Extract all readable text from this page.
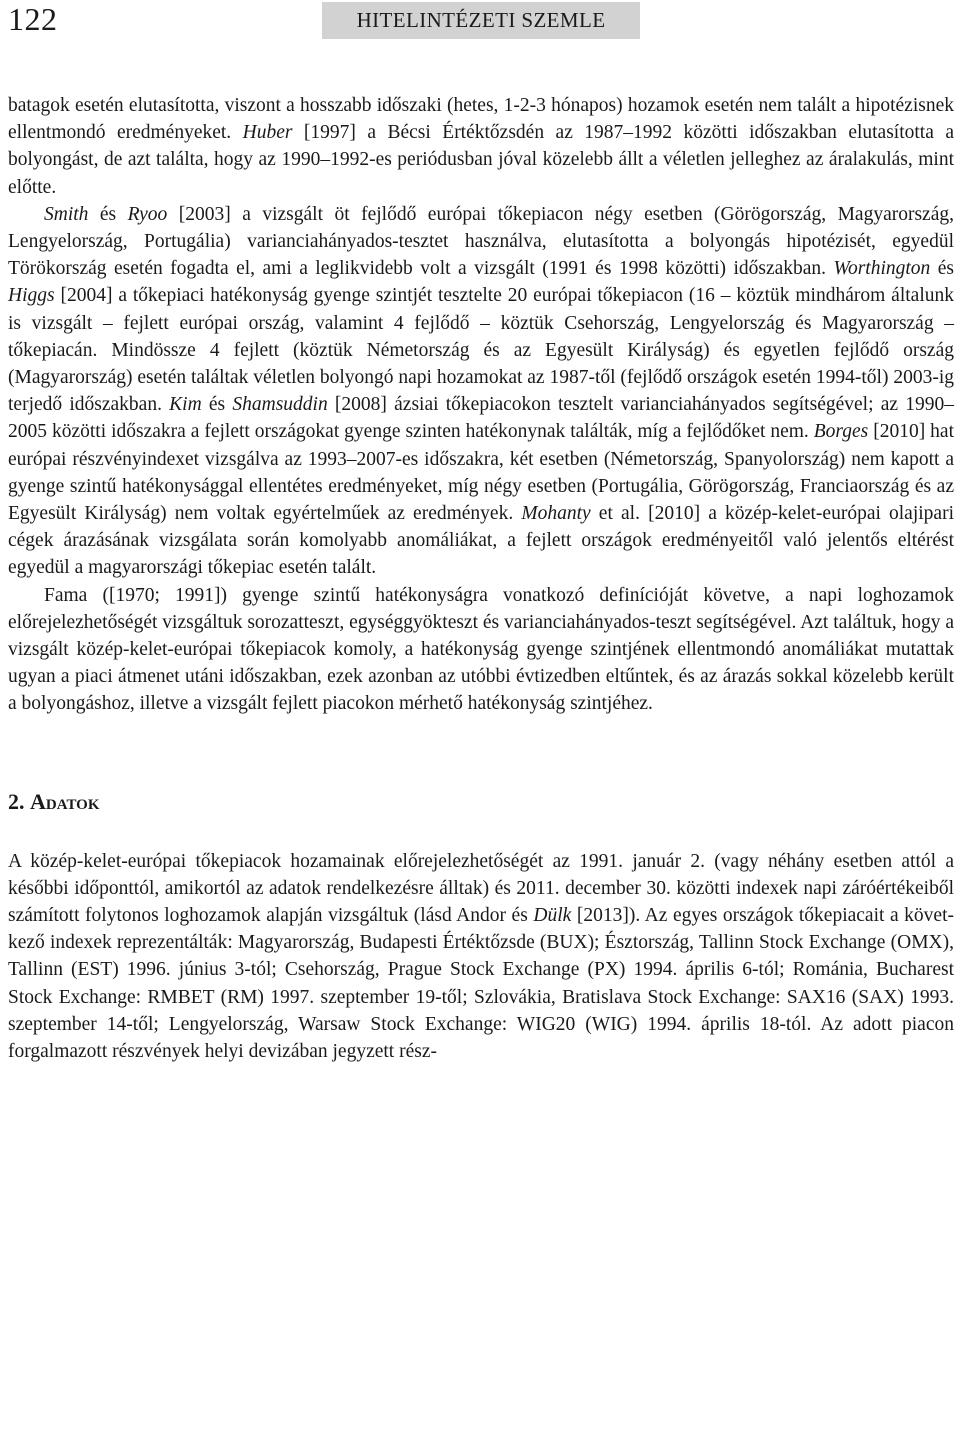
122	HITELINTÉZETI SZEMLE

batagok esetén elutasította, viszont a hosszabb időszaki (hetes, 1-2-3 hónapos) hozamok esetén nem talált a hipotézisnek ellentmondó eredményeket. Huber [1997] a Bécsi Értéktőzsdén az 1987–1992 közötti időszakban elutasította a bolyongást, de azt találta, hogy az 1990–1992-es periódusban jóval közelebb állt a véletlen jelleghez az áralakulás, mint előtte.

Smith és Ryoo [2003] a vizsgált öt fejlődő európai tőkepiacon négy esetben (Görögország, Magyarország, Lengyelország, Portugália) varianciahányados-tesztet használva, elutasította a bolyongás hipotézisét, egyedül Törökország esetén fogadta el, ami a leglikvidebb volt a vizsgált (1991 és 1998 közötti) időszakban. Worthington és Higgs [2004] a tőkepiaci hatékonyság gyenge szintjét tesztelte 20 európai tőkepiacon (16 – köztük mindhárom általunk is vizsgált – fejlett európai ország, valamint 4 fejlődő – köztük Csehország, Lengyelország és Magyarország – tőkepiacán. Mindössze 4 fejlett (köztük Németország és az Egyesült Királyság) és egyetlen fejlődő ország (Magyarország) esetén találtak véletlen bolyongó napi hozamokat az 1987-től (fejlődő országok esetén 1994-től) 2003-ig terjedő időszakban. Kim és Shamsuddin [2008] ázsiai tőkepiacokon tesztelt varianciahányados segítségével; az 1990–2005 közötti időszakra a fejlett országokat gyenge szinten hatékonynak találták, míg a fejlődőket nem. Borges [2010] hat európai részvényindexet vizsgálva az 1993–2007-es időszakra, két esetben (Németország, Spanyolország) nem kapott a gyenge szintű hatékonysággal ellentétes eredményeket, míg négy esetben (Portugália, Görögország, Franciaország és az Egyesült Királyság) nem voltak egyértelműek az eredmények. Mohanty et al. [2010] a közép-kelet-európai olajipari cégek árazásának vizsgálata során komolyabb anomáliákat, a fejlett országok eredményeitől való jelentős eltérést egyedül a magyarországi tőkepiac esetén talált.

Fama ([1970; 1991]) gyenge szintű hatékonyságra vonatkozó definícióját követve, a napi loghozamok előrejelezhetőségét vizsgáltuk sorozatteszt, egységgyökteszt és varianciahányados-teszt segítségével. Azt találtuk, hogy a vizsgált közép-kelet-európai tőkepiacok komoly, a hatékonyság gyenge szintjének ellentmondó anomáliákat mutattak ugyan a piaci átmenet utáni időszakban, ezek azonban az utóbbi évtizedben eltűntek, és az árazás sokkal közelebb került a bolyongáshoz, illetve a vizsgált fejlett piacokon mérhető hatékonyság szintjéhez.

2. Adatok

A közép-kelet-európai tőkepiacok hozamainak előrejelezhetőségét az 1991. január 2. (vagy néhány esetben attól a későbbi időponttól, amikortól az adatok rendelkezésre álltak) és 2011. december 30. közötti indexek napi záróértékeiből számított folytonos loghozamok alapján vizsgáltuk (lásd Andor és Dülk [2013]). Az egyes országok tőkepiacait a következő indexek reprezentálták: Magyarország, Budapesti Értéktőzsde (BUX); Észtország, Tallinn Stock Exchange (OMX), Tallinn (EST) 1996. június 3-tól; Csehország, Prague Stock Exchange (PX) 1994. április 6-tól; Románia, Bucharest Stock Exchange: RMBET (RM) 1997. szeptember 19-től; Szlovákia, Bratislava Stock Exchange: SAX16 (SAX) 1993. szeptember 14-től; Lengyelország, Warsaw Stock Exchange: WIG20 (WIG) 1994. április 18-tól. Az adott piacon forgalmazott részvények helyi devizában jegyzett rész-
